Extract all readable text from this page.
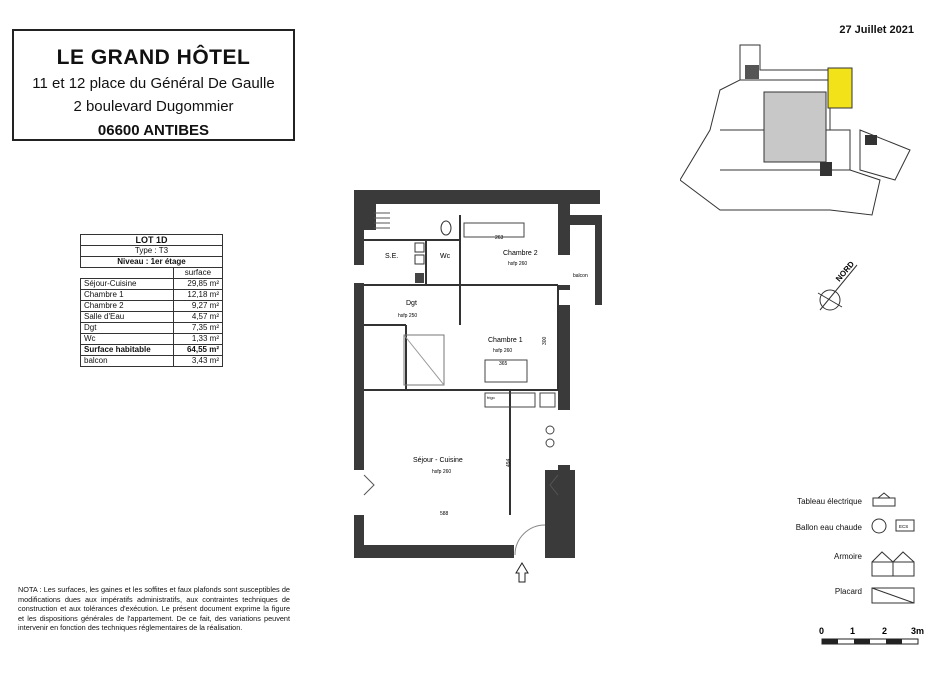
27 Juillet 2021
LE GRAND HÔTEL
11 et 12 place du Général De Gaulle
2 boulevard Dugommier
06600 ANTIBES
LOT 1D	
Type : T3	
Niveau : 1er étage	
	surface
Séjour-Cuisine	29,85 m²
Chambre 1	12,18 m²
Chambre 2	9,27 m²
Salle d'Eau	4,57 m²
Dgt	7,35 m²
Wc	1,33 m²
Surface habitable	64,55 m²
balcon	3,43 m²
S.E.	Wc
Dgt
hsfp 250
Chambre 2
hsfp 260
Chambre 1
hsfp 260
Séjour - Cuisine
hsfp 260
balcon
588
494
365
300
263
frigo
NORD
Tableau électrique
Ballon eau chaude	ECS
Armoire
Placard
0	1	2	3m
NOTA : Les surfaces, les gaines et les soffites et faux plafonds sont susceptibles de modifications dues aux impératifs administratifs, aux contraintes techniques de construction et aux tolérances d'exécution. Le présent document exprime la figure et les dispositions générales de l'appartement. De ce fait, des variations peuvent intervenir en fonction des techniques réglementaires de la réalisation.
